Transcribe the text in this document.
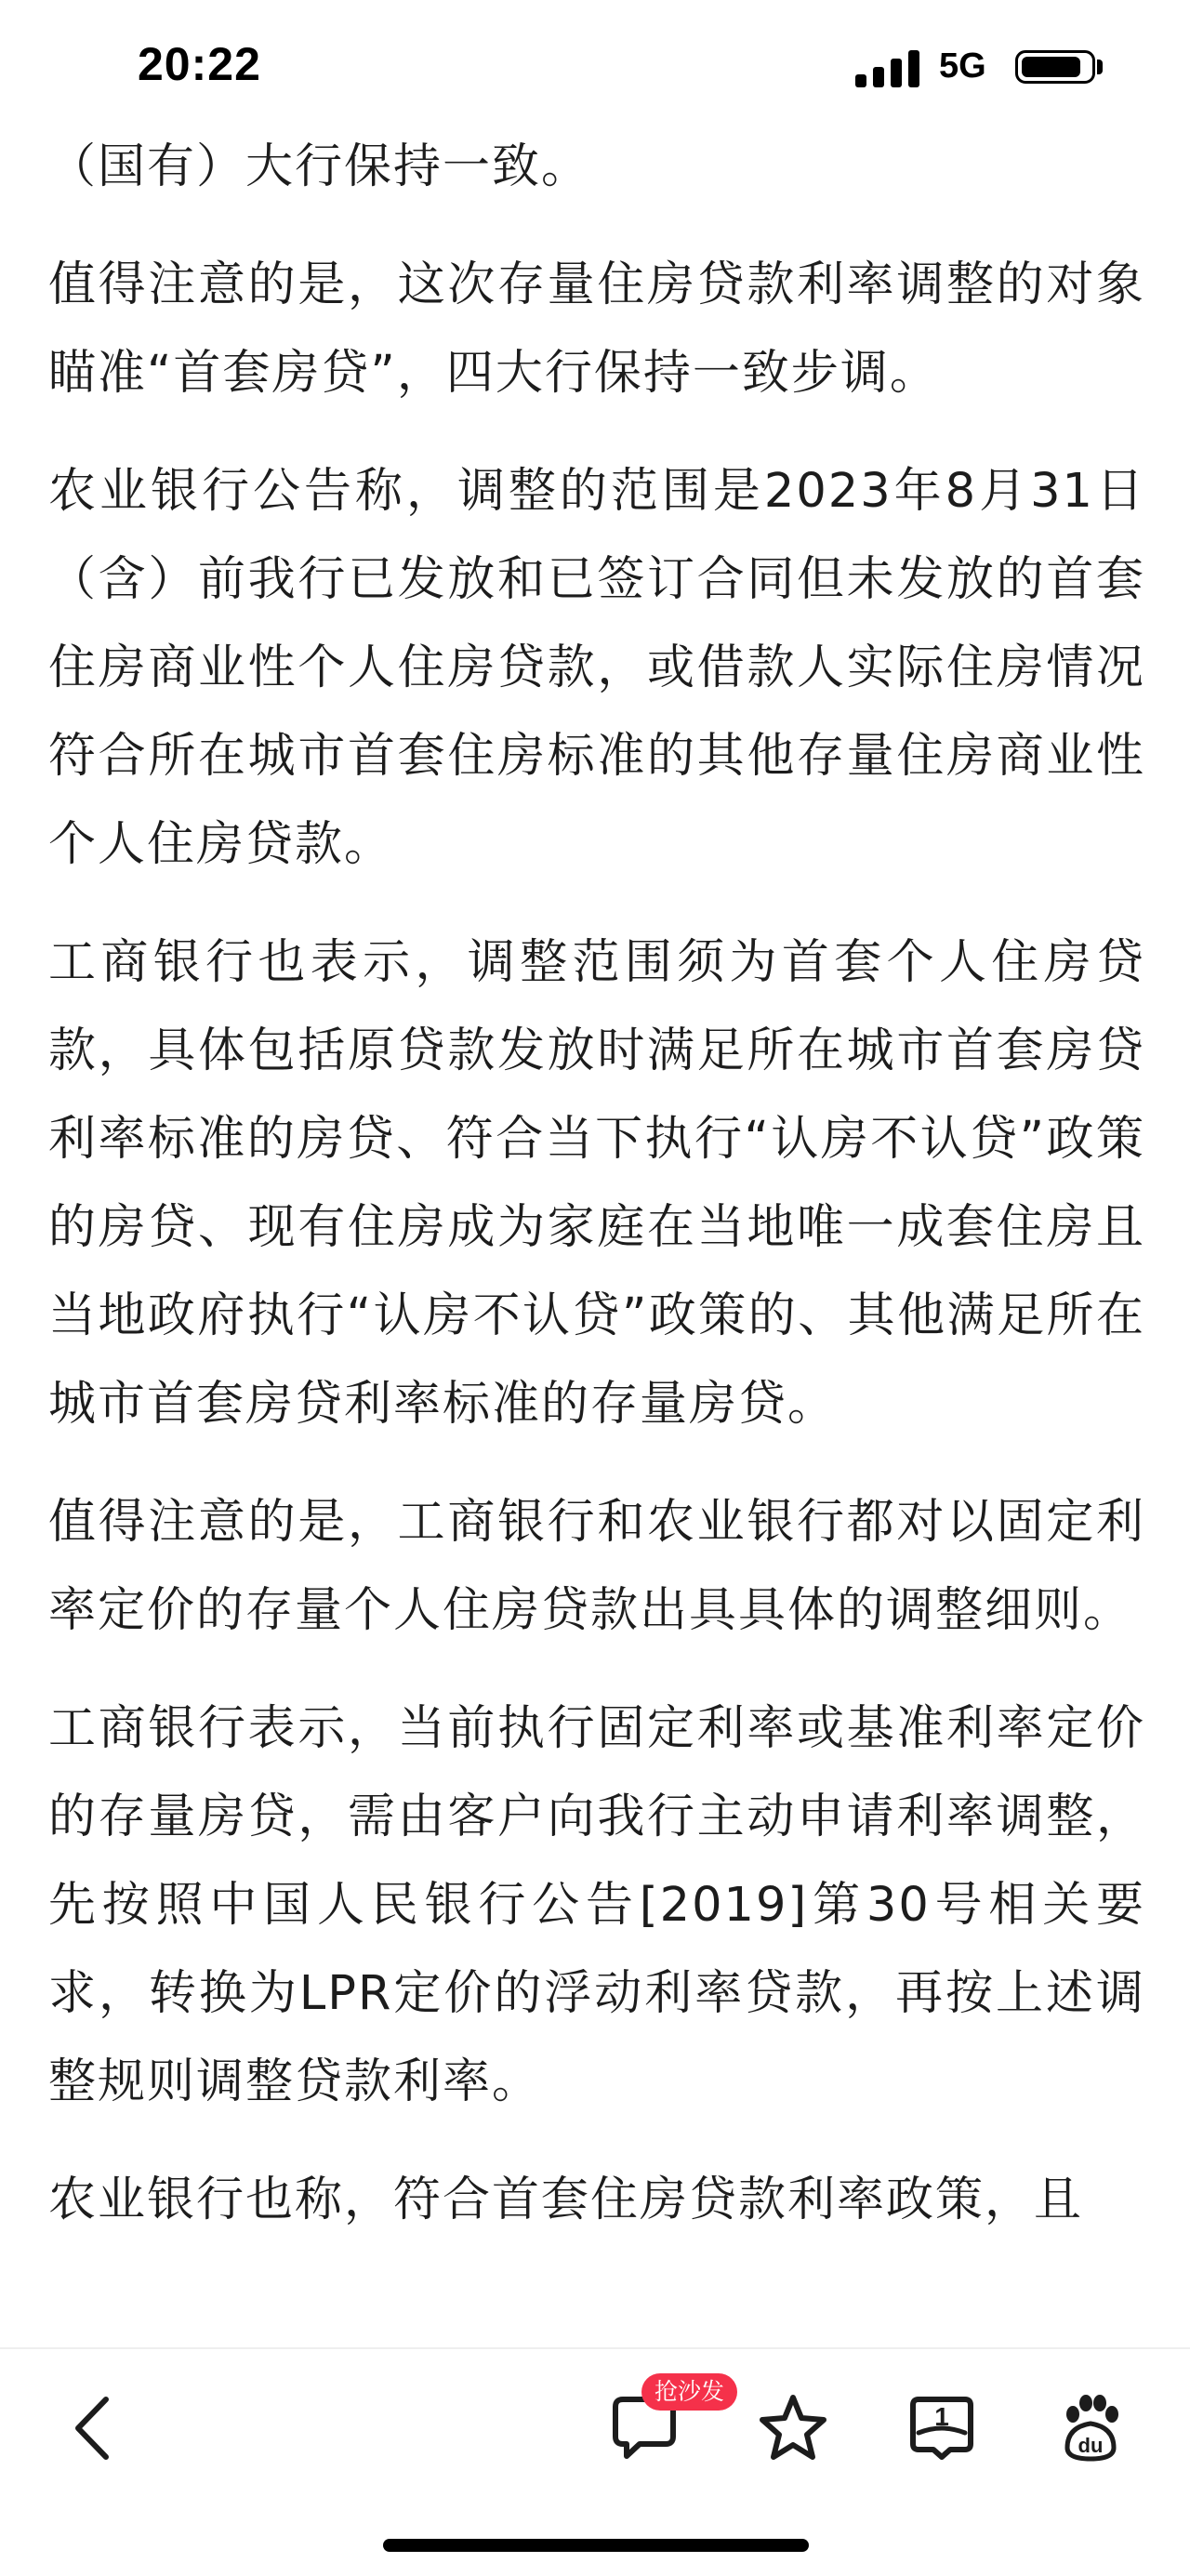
20:22	5G

（国有）大行保持一致。

值得注意的是，这次存量住房贷款利率调整的对象瞄准“首套房贷”，四大行保持一致步调。

农业银行公告称，调整的范围是2023年8月31日（含）前我行已发放和已签订合同但未发放的首套住房商业性个人住房贷款，或借款人实际住房情况符合所在城市首套住房标准的其他存量住房商业性个人住房贷款。

工商银行也表示，调整范围须为首套个人住房贷款，具体包括原贷款发放时满足所在城市首套房贷利率标准的房贷、符合当下执行“认房不认贷”政策的房贷、现有住房成为家庭在当地唯一成套住房且当地政府执行“认房不认贷”政策的、其他满足所在城市首套房贷利率标准的存量房贷。

值得注意的是，工商银行和农业银行都对以固定利率定价的存量个人住房贷款出具具体的调整细则。

工商银行表示，当前执行固定利率或基准利率定价的存量房贷，需由客户向我行主动申请利率调整，先按照中国人民银行公告[2019]第30号相关要求，转换为LPR定价的浮动利率贷款，再按上述调整规则调整贷款利率。

农业银行也称，符合首套住房贷款利率政策，且

抢沙发
1
du
